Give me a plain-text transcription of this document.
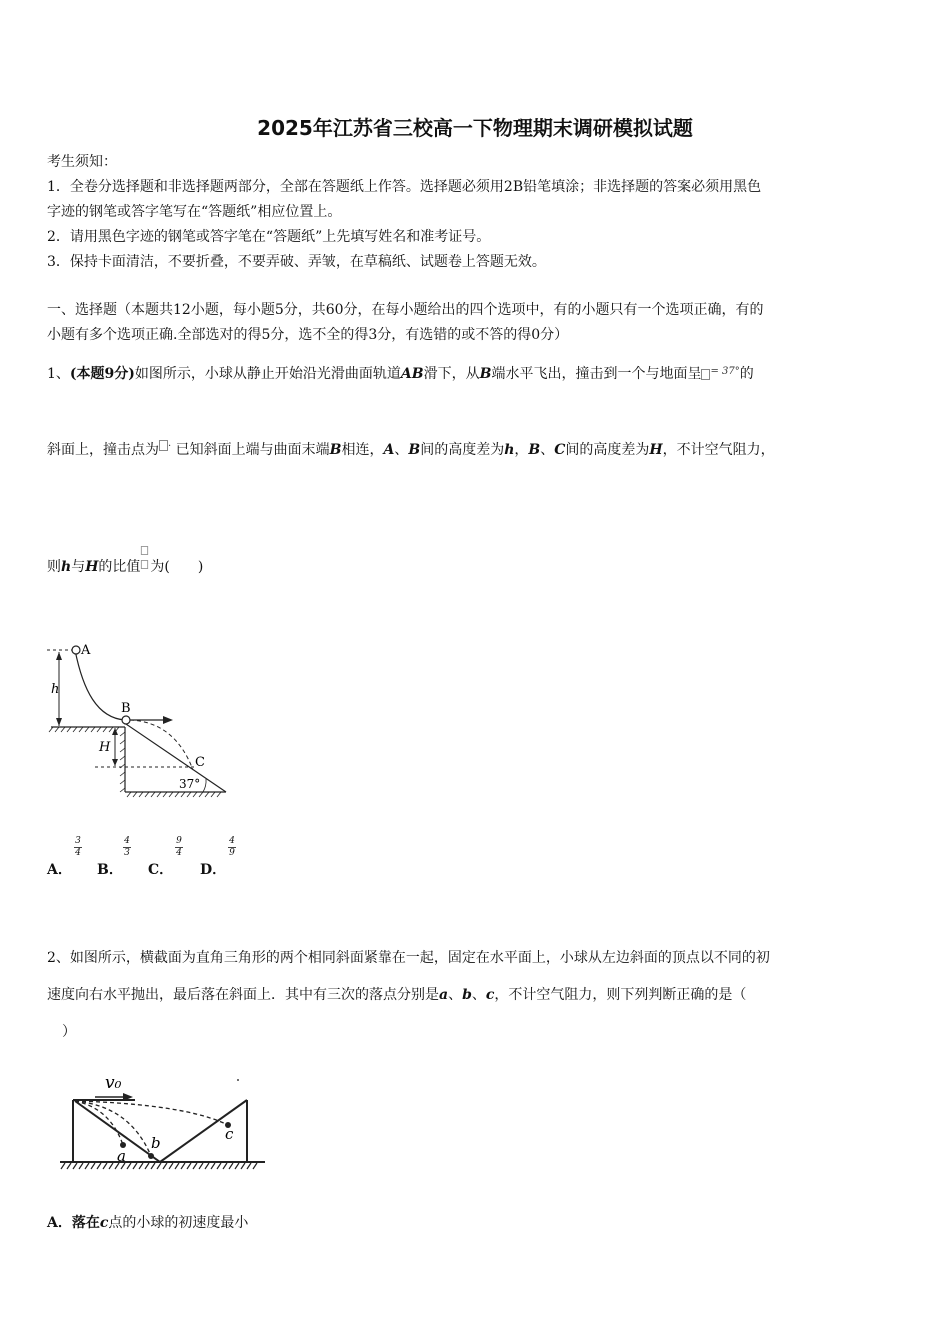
2025年江苏省三校高一下物理期末调研模拟试题
考生须知：
1．全卷分选择题和非选择题两部分，全部在答题纸上作答。选择题必须用2B铅笔填涂；非选择题的答案必须用黑色
字迹的钢笔或答字笔写在“答题纸”相应位置上。
2．请用黑色字迹的钢笔或答字笔在“答题纸”上先填写姓名和准考证号。
3．保持卡面清洁，不要折叠，不要弄破、弄皱，在草稿纸、试题卷上答题无效。
一、选择题（本题共12小题，每小题5分，共60分，在每小题给出的四个选项中，有的小题只有一个选项正确，有的
小题有多个选项正确.全部选对的得5分，选不全的得3分，有选错的或不答的得0分）
1、(本题9分)如图所示，小球从静止开始沿光滑曲面轨道AB滑下，从B端水平飞出，撞击到一个与地面呈 $^{= 37^\circ}$的
斜面上，撞击点为 · 已知斜面上端与曲面末端B相连，A、B间的高度差为h，B、C间的高度差为H，不计空气阻力，
则h与H的比值 为(　　)
A
h
B
H
C
37°
A．
3
4
B．
4
3
C．
9
4
D．
4
9
2、如图所示，横截面为直角三角形的两个相同斜面紧靠在一起，固定在水平面上，小球从左边斜面的顶点以不同的初
速度向右水平抛出，最后落在斜面上．其中有三次的落点分别是a、b、c，不计空气阻力，则下列判断正确的是（
）
v₀
a
b	c
A．落在c点的小球的初速度最小
